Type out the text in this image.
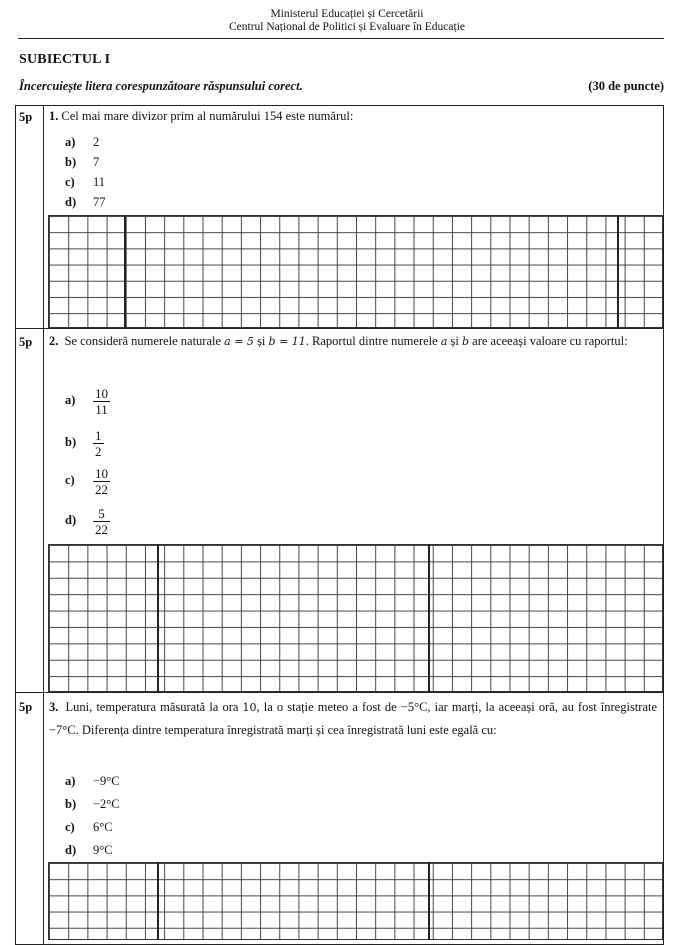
Ministerul Educației și Cercetării
Centrul Național de Politici și Evaluare în Educație
SUBIECTUL I
Încercuiește litera corespunzătoare răspunsului corect.	(30 de puncte)
5p 1. Cel mai mare divizor prim al numărului 154 este numărul:
a) 2
b) 7
c) 11
d) 77
5p 2. Se consideră numerele naturale a = 5 și b = 11. Raportul dintre numerele a și b are aceeași valoare cu raportul:
$a) \frac{10}{11}$
$b) \frac{1}{2}$
$c) \frac{10}{22}$
$d) \frac{5}{22}$
5p 3. Luni, temperatura măsurată la ora 10, la o stație meteo a fost de −5°C, iar marți, la aceeași oră, au fost înregistrate −7°C. Diferența dintre temperatura înregistrată marți și cea înregistrată luni este egală cu:
a) −9°C
b) −2°C
c) 6°C
d) 9°C
